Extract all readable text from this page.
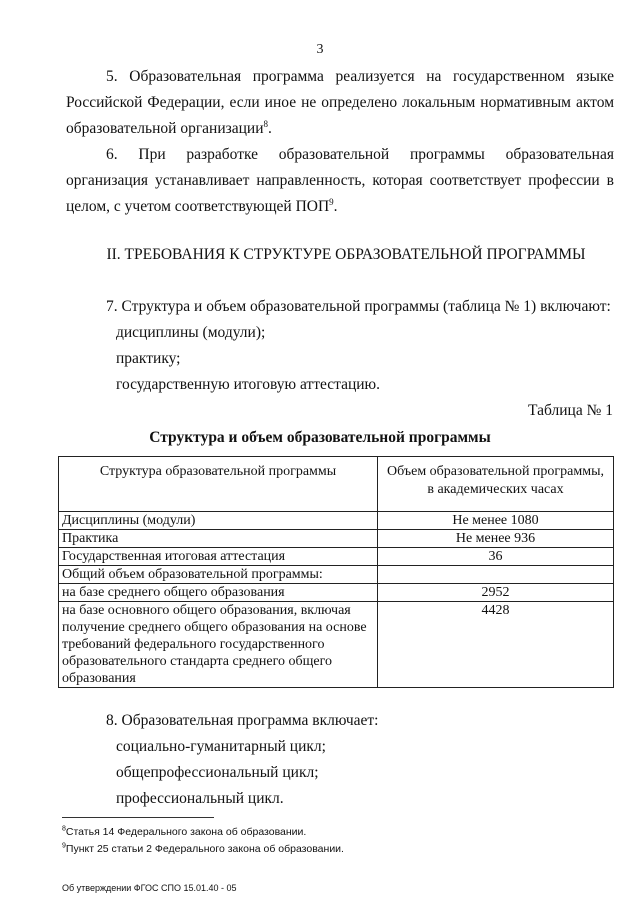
3

5. Образовательная программа реализуется на государственном языке Российской Федерации, если иное не определено локальным нормативным актом образовательной организации$^8$.

6. При разработке образовательной программы образовательная организация устанавливает направленность, которая соответствует профессии в целом, с учетом соответствующей ПОП$^9$.

II. ТРЕБОВАНИЯ К СТРУКТУРЕ ОБРАЗОВАТЕЛЬНОЙ ПРОГРАММЫ
7. Структура и объем образовательной программы (таблица № 1) включают:
дисциплины (модули);
практику;
государственную итоговую аттестацию.
Таблица № 1
Структура и объем образовательной программы
Структура образовательной программы	Объем образовательной программы, в академических часах
Дисциплины (модули)	Не менее 1080
Практика	Не менее 936
Государственная итоговая аттестация	36
Общий объем образовательной программы:	
на базе среднего общего образования	2952
на базе основного общего образования, включая получение среднего общего образования на основе требований федерального государственного образовательного стандарта среднего общего образования	4428
8. Образовательная программа включает:
социально-гуманитарный цикл;
общепрофессиональный цикл;
профессиональный цикл.
$^8$Статья 14 Федерального закона об образовании.
$^9$Пункт 25 статьи 2 Федерального закона об образовании.
Об утверждении ФГОС СПО 15.01.40 - 05
